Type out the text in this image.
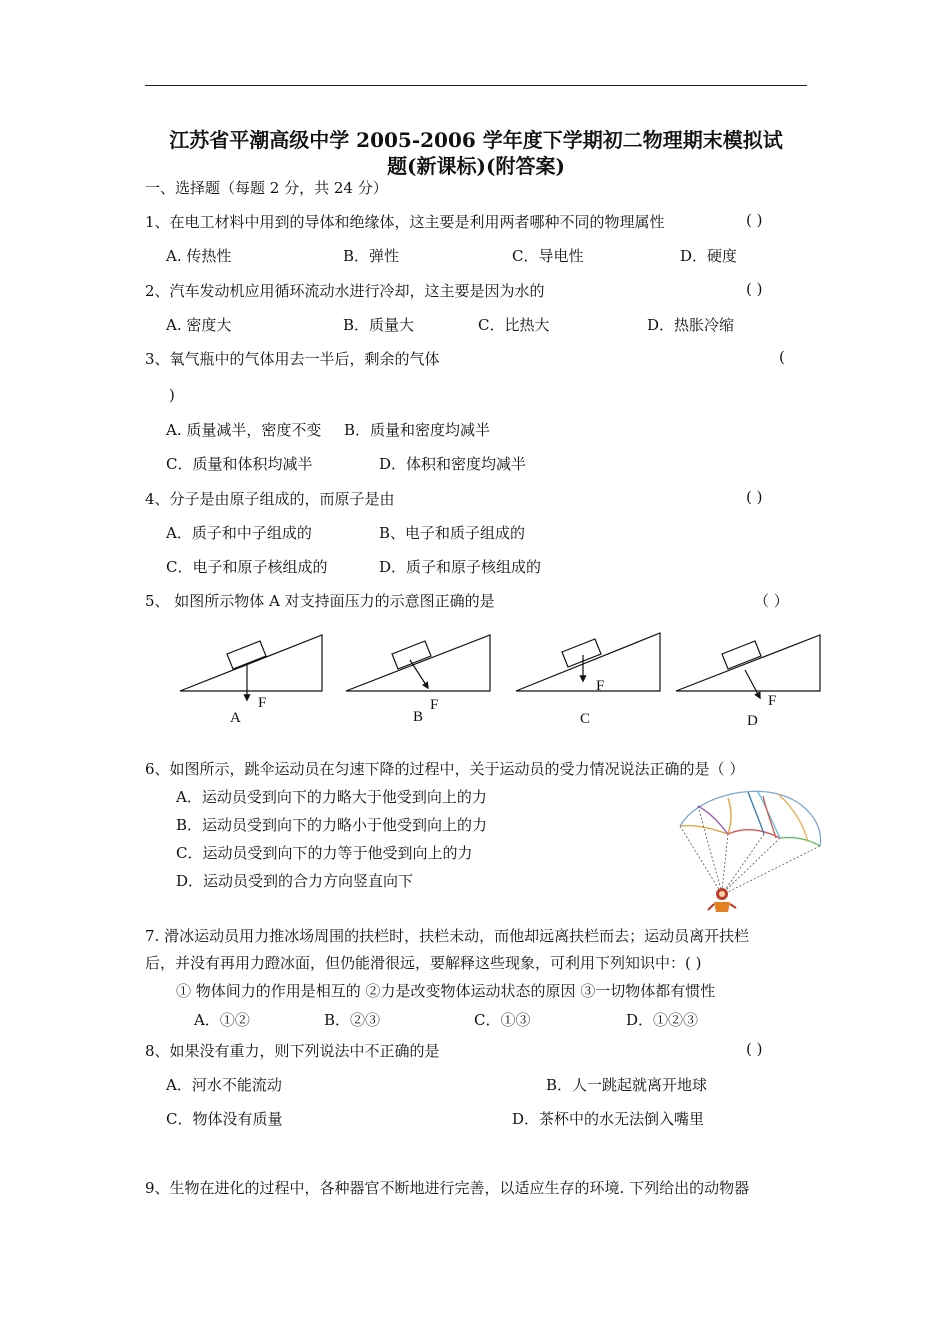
江苏省平潮高级中学 2005-2006 学年度下学期初二物理期末模拟试
题(新课标)(附答案)
一、选择题（每题 2 分，共 24 分）
1、在电工材料中用到的导体和绝缘体，这主要是利用两者哪种不同的物理属性	( )
A. 传热性	B．弹性	C．导电性	D．硬度
2、汽车发动机应用循环流动水进行冷却，这主要是因为水的	( )
A. 密度大	B．质量大	C．比热大	D．热胀冷缩
3、氧气瓶中的气体用去一半后，剩余的气体	(
)
A. 质量减半，密度不变 B．质量和密度均减半
C．质量和体积均减半	D．体积和密度均减半
4、分子是由原子组成的，而原子是由	( )
A．质子和中子组成的	B、电子和质子组成的
C．电子和原子核组成的	D．质子和原子核组成的
5、 如图所示物体 A 对支持面压力的示意图正确的是	（ ）
F
A
F
B
F
C
F
D
6、如图所示，跳伞运动员在匀速下降的过程中，关于运动员的受力情况说法正确的是（ ）
A．运动员受到向下的力略大于他受到向上的力
B．运动员受到向下的力略小于他受到向上的力
C．运动员受到向下的力等于他受到向上的力
D．运动员受到的合力方向竖直向下
7. 滑冰运动员用力推冰场周围的扶栏时，扶栏未动，而他却远离扶栏而去；运动员离开扶栏
后，并没有再用力蹬冰面，但仍能滑很远，要解释这些现象，可利用下列知识中：( )
① 物体间力的作用是相互的 ②力是改变物体运动状态的原因 ③一切物体都有惯性
A．①②	B．②③	C．①③	D．①②③
8、如果没有重力，则下列说法中不正确的是	( )
A．河水不能流动	B．人一跳起就离开地球
C．物体没有质量	D．茶杯中的水无法倒入嘴里
9、生物在进化的过程中，各种器官不断地进行完善，以适应生存的环境. 下列给出的动物器
